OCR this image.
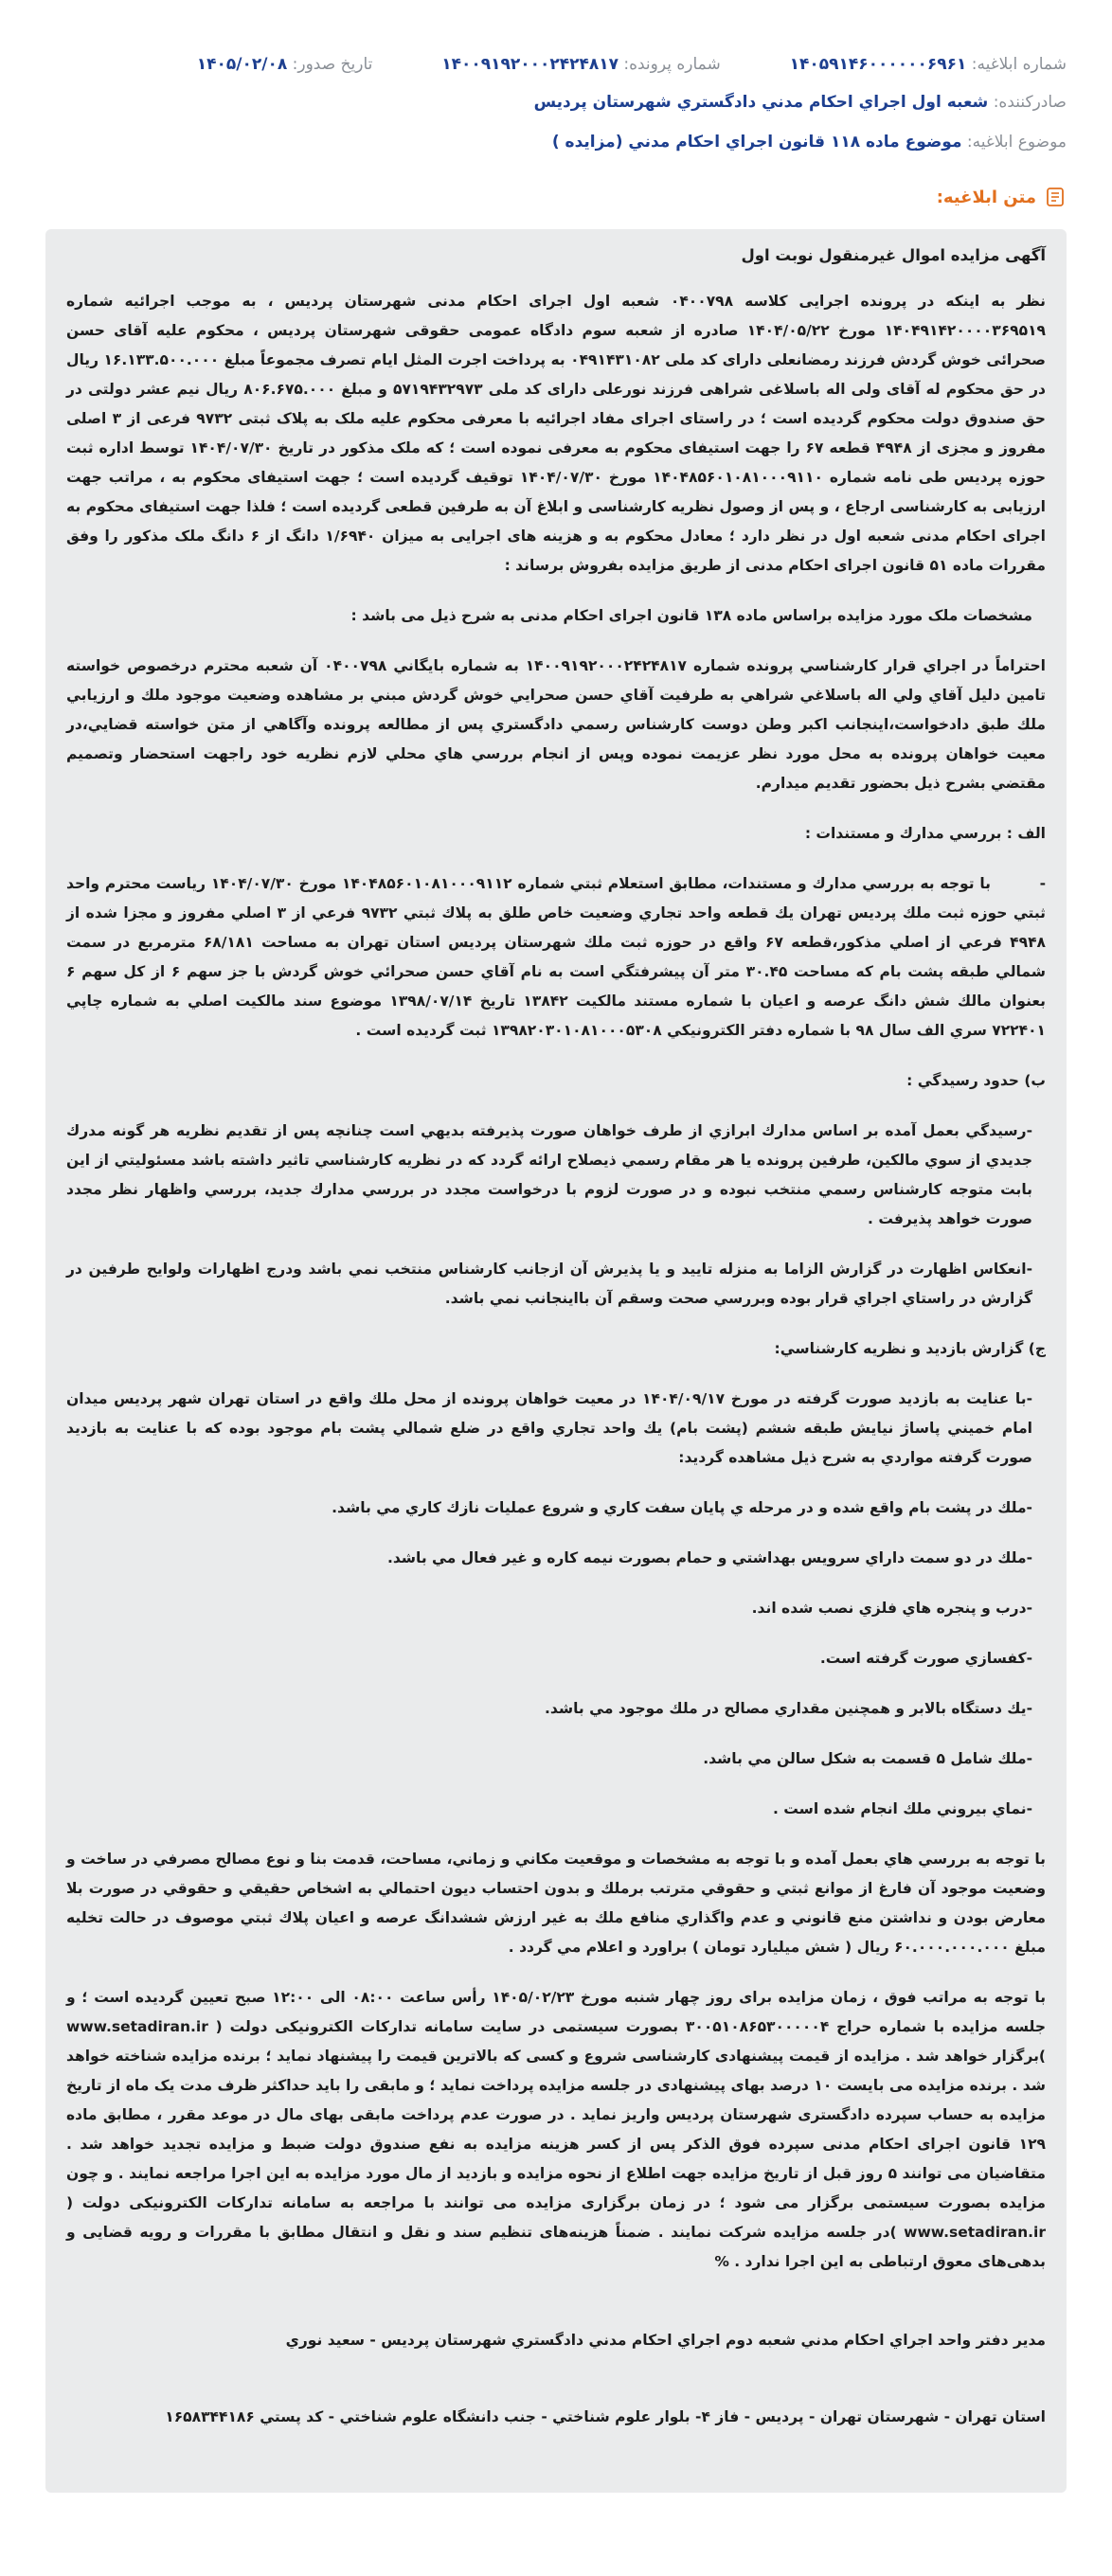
شماره ابلاغیه: ۱۴۰۵۹۱۴۶۰۰۰۰۰۰۶۹۶۱  شماره پرونده: ۱۴۰۰۹۱۹۲۰۰۰۲۴۲۴۸۱۷  تاریخ صدور: ۱۴۰۵/۰۲/۰۸
صادرکننده: شعبه اول اجراي احكام مدني دادگستري شهرستان پرديس
موضوع ابلاغیه: موضوع ماده ۱۱۸ قانون اجراي احكام مدني (مزايده )
متن ابلاغیه:

آگهی مزایده اموال غیرمنقول نوبت اول

نظر به اینکه در پرونده اجرایی کلاسه ۰۴۰۰۷۹۸ شعبه اول اجرای احکام مدنی شهرستان پردیس ، به موجب اجرائیه شماره ۱۴۰۴۹۱۴۲۰۰۰۰۳۶۹۵۱۹ مورخ ۱۴۰۴/۰۵/۲۲ صادره از شعبه سوم دادگاه عمومی حقوقی شهرستان پردیس ، محکوم علیه آقای حسن صحرائی خوش گردش فرزند رمضانعلی دارای کد ملی ۰۴۹۱۴۳۱۰۸۲ به پرداخت اجرت المثل ایام تصرف مجموعاً مبلغ ۱۶.۱۳۳.۵۰۰.۰۰۰ ریال در حق محکوم له آقای ولی اله باسلاغی شراهی فرزند نورعلی دارای کد ملی ۵۷۱۹۴۳۲۹۷۳ و مبلغ ۸۰۶.۶۷۵.۰۰۰ ریال نیم عشر دولتی در حق صندوق دولت محکوم گردیده است ؛ در راستای اجرای مفاد اجرائیه با معرفی محکوم علیه ملک به پلاک ثبتی ۹۷۳۲ فرعی از ۳ اصلی مفروز و مجزی از ۴۹۴۸ قطعه ۶۷ را جهت استیفای محکوم به معرفی نموده است ؛ که ملک مذکور در تاریخ ۱۴۰۴/۰۷/۳۰ توسط اداره ثبت حوزه پردیس طی نامه شماره ۱۴۰۴۸۵۶۰۱۰۸۱۰۰۰۹۱۱۰ مورخ ۱۴۰۴/۰۷/۳۰ توقیف گردیده است ؛ جهت استیفای محکوم به ، مراتب جهت ارزیابی به کارشناسی ارجاع ، و پس از وصول نظریه کارشناسی و ابلاغ آن به طرفین قطعی گردیده است ؛ فلذا جهت استیفای محکوم به اجرای احکام مدنی شعبه اول در نظر دارد ؛ معادل محکوم به و هزینه های اجرایی به میزان ۱/۶۹۴۰ دانگ از ۶ دانگ ملک مذکور را وفق مقررات ماده ۵۱ قانون اجرای احکام مدنی از طریق مزایده بفروش برساند :

مشخصات ملک مورد مزایده براساس ماده ۱۳۸ قانون اجرای احکام مدنی به شرح ذیل می باشد :

احتراماً در اجراي قرار كارشناسي پرونده شماره ۱۴۰۰۹۱۹۲۰۰۰۲۴۲۴۸۱۷ به شماره بايگاني ۰۴۰۰۷۹۸ آن شعبه محترم درخصوص خواسته تامين دليل آقاي ولي اله باسلاغي شراهي به طرفيت آقاي حسن صحرايي خوش گردش مبني بر مشاهده وضعيت موجود ملك و ارزيابي ملك طبق دادخواست،اينجانب اكبر وطن دوست كارشناس رسمي دادگستري پس از مطالعه پرونده وآگاهي از متن خواسته قضايي،در معيت خواهان پرونده به محل مورد نظر عزيمت نموده وپس از انجام بررسي هاي محلي لازم نظريه خود راجهت استحضار وتصميم مقتضي بشرح ذيل بحضور تقديم ميدارم.

الف : بررسي مدارك و مستندات :

- با توجه به بررسي مدارك و مستندات، مطابق استعلام ثبتي شماره ۱۴۰۴۸۵۶۰۱۰۸۱۰۰۰۹۱۱۲ مورخ ۱۴۰۴/۰۷/۳۰ رياست محترم واحد ثبتي حوزه ثبت ملك پرديس تهران يك قطعه واحد تجاري وضعيت خاص طلق به پلاك ثبتي ۹۷۳۲ فرعي از ۳ اصلي مفروز و مجزا شده از ۴۹۴۸ فرعي از اصلي مذكور،قطعه ۶۷ واقع در حوزه ثبت ملك شهرستان پرديس استان تهران به مساحت ۶۸/۱۸۱ مترمربع در سمت شمالي طبقه پشت بام كه مساحت ۳۰.۴۵ متر آن پيشرفتگي است به نام آقاي حسن صحرائي خوش گردش با جز سهم ۶ از كل سهم ۶ بعنوان مالك شش دانگ عرصه و اعيان با شماره مستند مالكيت ۱۳۸۴۲ تاريخ ۱۳۹۸/۰۷/۱۴ موضوع سند مالكيت اصلي به شماره چاپي ۷۲۲۴۰۱ سري الف سال ۹۸ با شماره دفتر الكترونيكي ۱۳۹۸۲۰۳۰۱۰۸۱۰۰۰۵۳۰۸ ثبت گرديده است .

ب) حدود رسيدگي :

-رسيدگي بعمل آمده بر اساس مدارك ابرازي از طرف خواهان صورت پذيرفته بديهي است چنانچه پس از تقديم نظريه هر گونه مدرك جديدي از سوي مالكين، طرفين پرونده يا هر مقام رسمي ذيصلاح ارائه گردد كه در نظريه كارشناسي تاثير داشته باشد مسئوليتي از اين بابت متوجه كارشناس رسمي منتخب نبوده و در صورت لزوم با درخواست مجدد در بررسي مدارك جديد، بررسي واظهار نظر مجدد صورت خواهد پذيرفت .

-انعكاس اظهارت در گزارش الزاما به منزله تاييد و يا پذيرش آن ازجانب كارشناس منتخب نمي باشد ودرج اظهارات ولوايح طرفين در گزارش در راستاي اجراي قرار بوده وبررسي صحت وسقم آن بااينجانب نمي باشد.

ج) گزارش بازديد و نظريه كارشناسي:

-با عنايت به بازديد صورت گرفته در مورخ ۱۴۰۴/۰۹/۱۷ در معيت خواهان پرونده از محل ملك واقع در استان تهران شهر پرديس ميدان امام خميني پاساژ نيايش طبقه ششم (پشت بام) يك واحد تجاري واقع در ضلع شمالي پشت بام موجود بوده كه با عنايت به بازديد صورت گرفته مواردي به شرح ذيل مشاهده گرديد:

-ملك در پشت بام واقع شده و در مرحله ي پايان سفت كاري و شروع عمليات نازك كاري مي باشد.

-ملك در دو سمت داراي سرويس بهداشتي و حمام بصورت نيمه كاره و غير فعال مي باشد.

-درب و پنجره هاي فلزي نصب شده اند.

-كفسازي صورت گرفته است.

-يك دستگاه بالابر و همچنين مقداري مصالح در ملك موجود مي باشد.

-ملك شامل ۵ قسمت به شكل سالن مي باشد.

-نماي بيروني ملك انجام شده است .

با توجه به بررسي هاي بعمل آمده و با توجه به مشخصات و موقعيت مكاني و زماني، مساحت، قدمت بنا و نوع مصالح مصرفي در ساخت و وضعيت موجود آن فارغ از موانع ثبتي و حقوقي مترتب برملك و بدون احتساب ديون احتمالي به اشخاص حقيقي و حقوقي در صورت بلا معارض بودن و نداشتن منع قانوني و عدم واگذاري منافع ملك به غير ارزش ششدانگ عرصه و اعيان پلاك ثبتي موصوف در حالت تخليه مبلغ ۶۰.۰۰۰.۰۰۰.۰۰۰ ريال ( شش ميليارد تومان ) براورد و اعلام مي گردد .

با توجه به مراتب فوق ، زمان مزایده برای روز چهار شنبه مورخ ۱۴۰۵/۰۲/۲۳ رأس ساعت ۰۸:۰۰ الی ۱۲:۰۰ صبح تعیین گردیده است ؛ و جلسه مزایده با شماره حراج ۳۰۰۵۱۰۸۶۵۳۰۰۰۰۰۴ بصورت سیستمی در سایت سامانه تدارکات الکترونیکی دولت ( www.setadiran.ir )برگزار خواهد شد . مزایده از قیمت پیشنهادی کارشناسی شروع و کسی که بالاترین قیمت را پیشنهاد نماید ؛ برنده مزایده شناخته خواهد شد . برنده مزایده می بایست ۱۰ درصد بهای پیشنهادی در جلسه مزایده پرداخت نماید ؛ و مابقی را باید حداکثر ظرف مدت یک ماه از تاریخ مزایده به حساب سپرده دادگستری شهرستان پردیس واریز نماید . در صورت عدم پرداخت مابقی بهای مال در موعد مقرر ، مطابق ماده ۱۲۹ قانون اجرای احکام مدنی سپرده فوق الذکر پس از کسر هزینه مزایده به نفع صندوق دولت ضبط و مزایده تجدید خواهد شد . متقاضیان می توانند ۵ روز قبل از تاریخ مزایده جهت اطلاع از نحوه مزایده و بازدید از مال مورد مزایده به این اجرا مراجعه نمایند . و چون مزایده بصورت سیستمی برگزار می شود ؛ در زمان برگزاری مزایده می توانند با مراجعه به سامانه تدارکات الکترونیکی دولت ( www.setadiran.ir )در جلسه مزایده شرکت نمایند . ضمناً هزینه‌های تنظیم سند و نقل و انتقال مطابق با مقررات و رویه قضایی و بدهی‌های معوق ارتباطی به این اجرا ندارد . %

مدير دفتر واحد اجراي احكام مدني شعبه دوم اجراي احكام مدني دادگستري شهرستان پرديس - سعيد نوري

استان تهران - شهرستان تهران - پرديس - فاز ۴- بلوار علوم شناختي - جنب دانشگاه علوم شناختي - كد پستي ۱۶۵۸۳۴۴۱۸۶
